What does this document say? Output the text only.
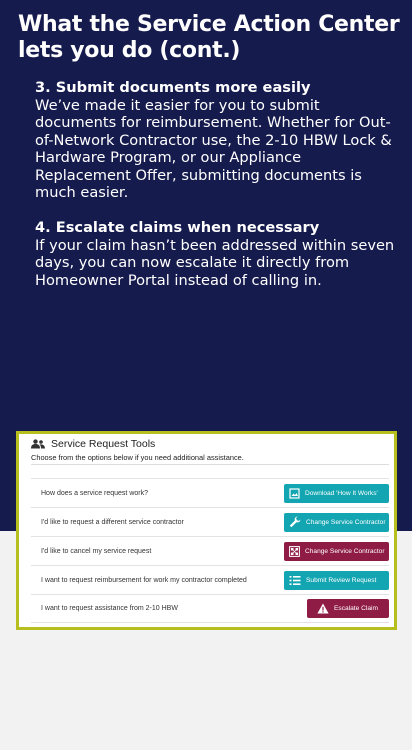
What the Service Action Center lets you do (cont.)
3. Submit documents more easily
We’ve made it easier for you to submit documents for reimbursement. Whether for Out-of-Network Contractor use, the 2-10 HBW Lock & Hardware Program, or our Appliance Replacement Offer, submitting documents is much easier.
4. Escalate claims when necessary
If your claim hasn’t been addressed within seven days, you can now escalate it directly from Homeowner Portal instead of calling in.
Service Request Tools
Choose from the options below if you need additional assistance.
How does a service request work?	Download 'How It Works'
I'd like to request a different service contractor	Change Service Contractor
I'd like to cancel my service request	Change Service Contractor
I want to request reimbursement for work my contractor completed	Submit Review Request
I want to request assistance from 2-10 HBW	Escalate Claim
